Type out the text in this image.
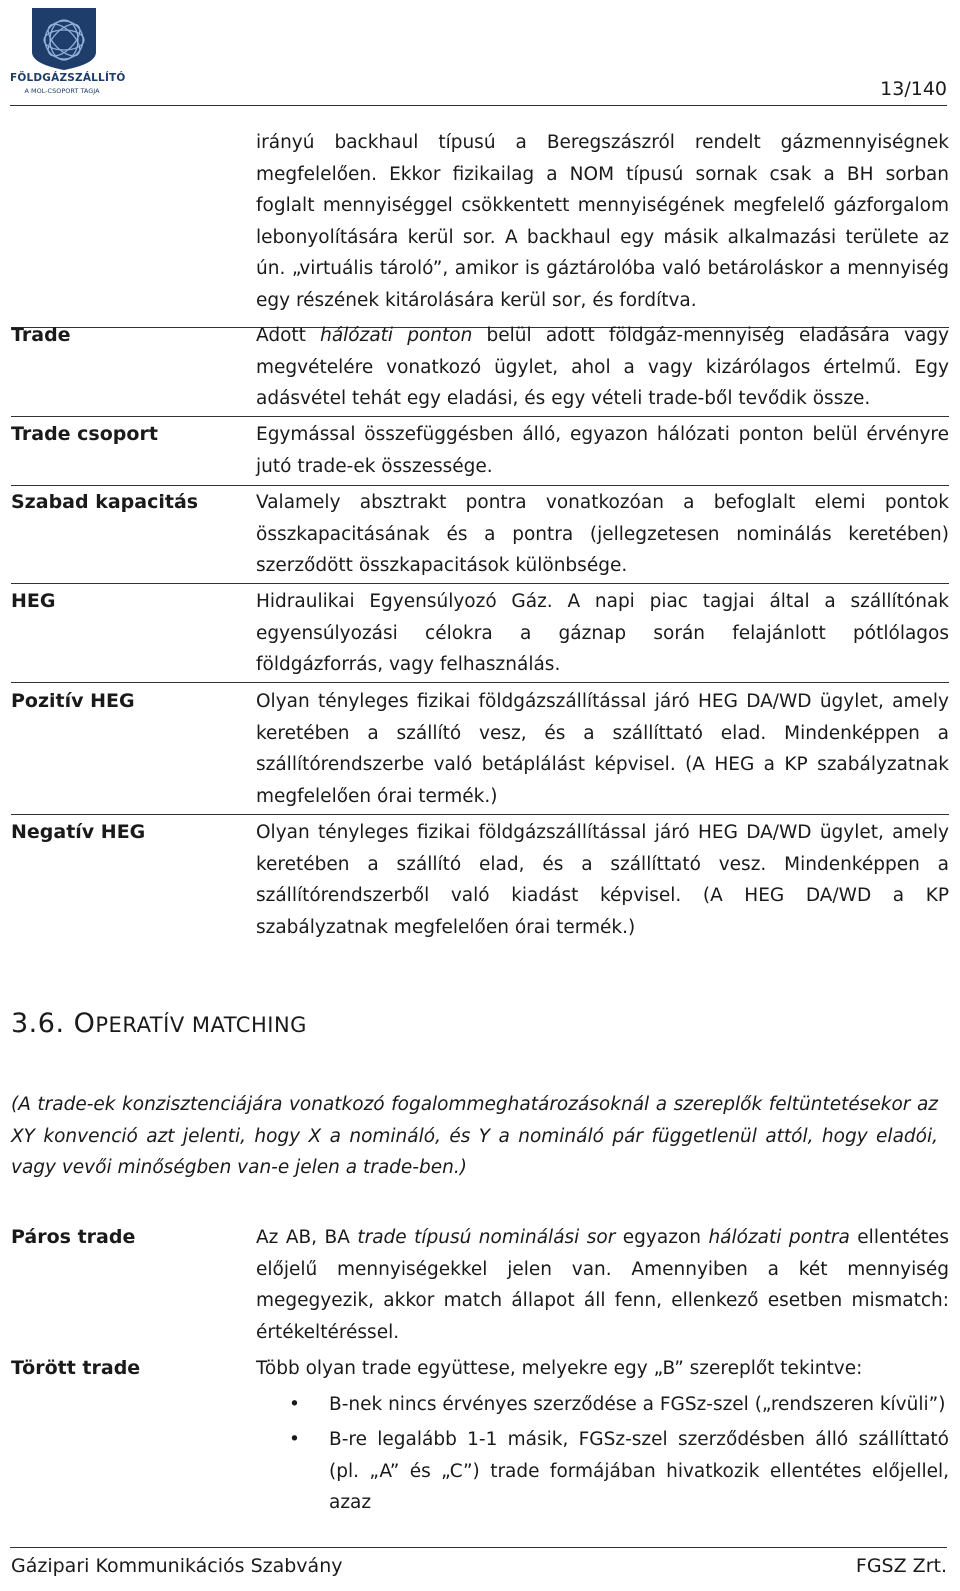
FÖLDGÁZSZÁLLÍTÓ
A MOL-CSOPORT TAGJA	13/140
irányú backhaul típusú a Beregszászról rendelt gázmennyiségnek megfelelően. Ekkor fizikailag a NOM típusú sornak csak a BH sorban foglalt mennyiséggel csökkentett mennyiségének megfelelő gázforgalom lebonyolítására kerül sor. A backhaul egy másik alkalmazási területe az ún. „virtuális tároló”, amikor is gáztárolóba való betároláskor a mennyiség egy részének kitárolására kerül sor, és fordítva.
Trade	Adott hálózati ponton belül adott földgáz-mennyiség eladására vagy megvételére vonatkozó ügylet, ahol a vagy kizárólagos értelmű. Egy adásvétel tehát egy eladási, és egy vételi trade-ből tevődik össze.
Trade csoport	Egymással összefüggésben álló, egyazon hálózati ponton belül érvényre jutó trade-ek összessége.
Szabad kapacitás	Valamely absztrakt pontra vonatkozóan a befoglalt elemi pontok összkapacitásának és a pontra (jellegzetesen nominálás keretében) szerződött összkapacitások különbsége.
HEG	Hidraulikai Egyensúlyozó Gáz. A napi piac tagjai által a szállítónak egyensúlyozási célokra a gáznap során felajánlott pótlólagos földgázforrás, vagy felhasználás.
Pozitív HEG	Olyan tényleges fizikai földgázszállítással járó HEG DA/WD ügylet, amely keretében a szállító vesz, és a szállíttató elad. Mindenképpen a szállítórendszerbe való betáplálást képvisel. (A HEG a KP szabályzatnak megfelelően órai termék.)
Negatív HEG	Olyan tényleges fizikai földgázszállítással járó HEG DA/WD ügylet, amely keretében a szállító elad, és a szállíttató vesz. Mindenképpen a szállítórendszerből való kiadást képvisel. (A HEG DA/WD a KP szabályzatnak megfelelően órai termék.)
3.6. OPERATÍV MATCHING
(A trade-ek konzisztenciájára vonatkozó fogalommeghatározásoknál a szereplők feltüntetésekor az XY konvenció azt jelenti, hogy X a nomináló, és Y a nomináló pár függetlenül attól, hogy eladói, vagy vevői minőségben van-e jelen a trade-ben.)
Páros trade	Az AB, BA trade típusú nominálási sor egyazon hálózati pontra ellentétes előjelű mennyiségekkel jelen van. Amennyiben a két mennyiség megegyezik, akkor match állapot áll fenn, ellenkező esetben mismatch: értékeltéréssel.
Törött trade	Több olyan trade együttese, melyekre egy „B” szereplőt tekintve:
• B-nek nincs érvényes szerződése a FGSz-szel („rendszeren kívüli”)
• B-re legalább 1-1 másik, FGSz-szel szerződésben álló szállíttató (pl. „A” és „C”) trade formájában hivatkozik ellentétes előjellel, azaz
Gázipari Kommunikációs Szabvány	FGSZ Zrt.
